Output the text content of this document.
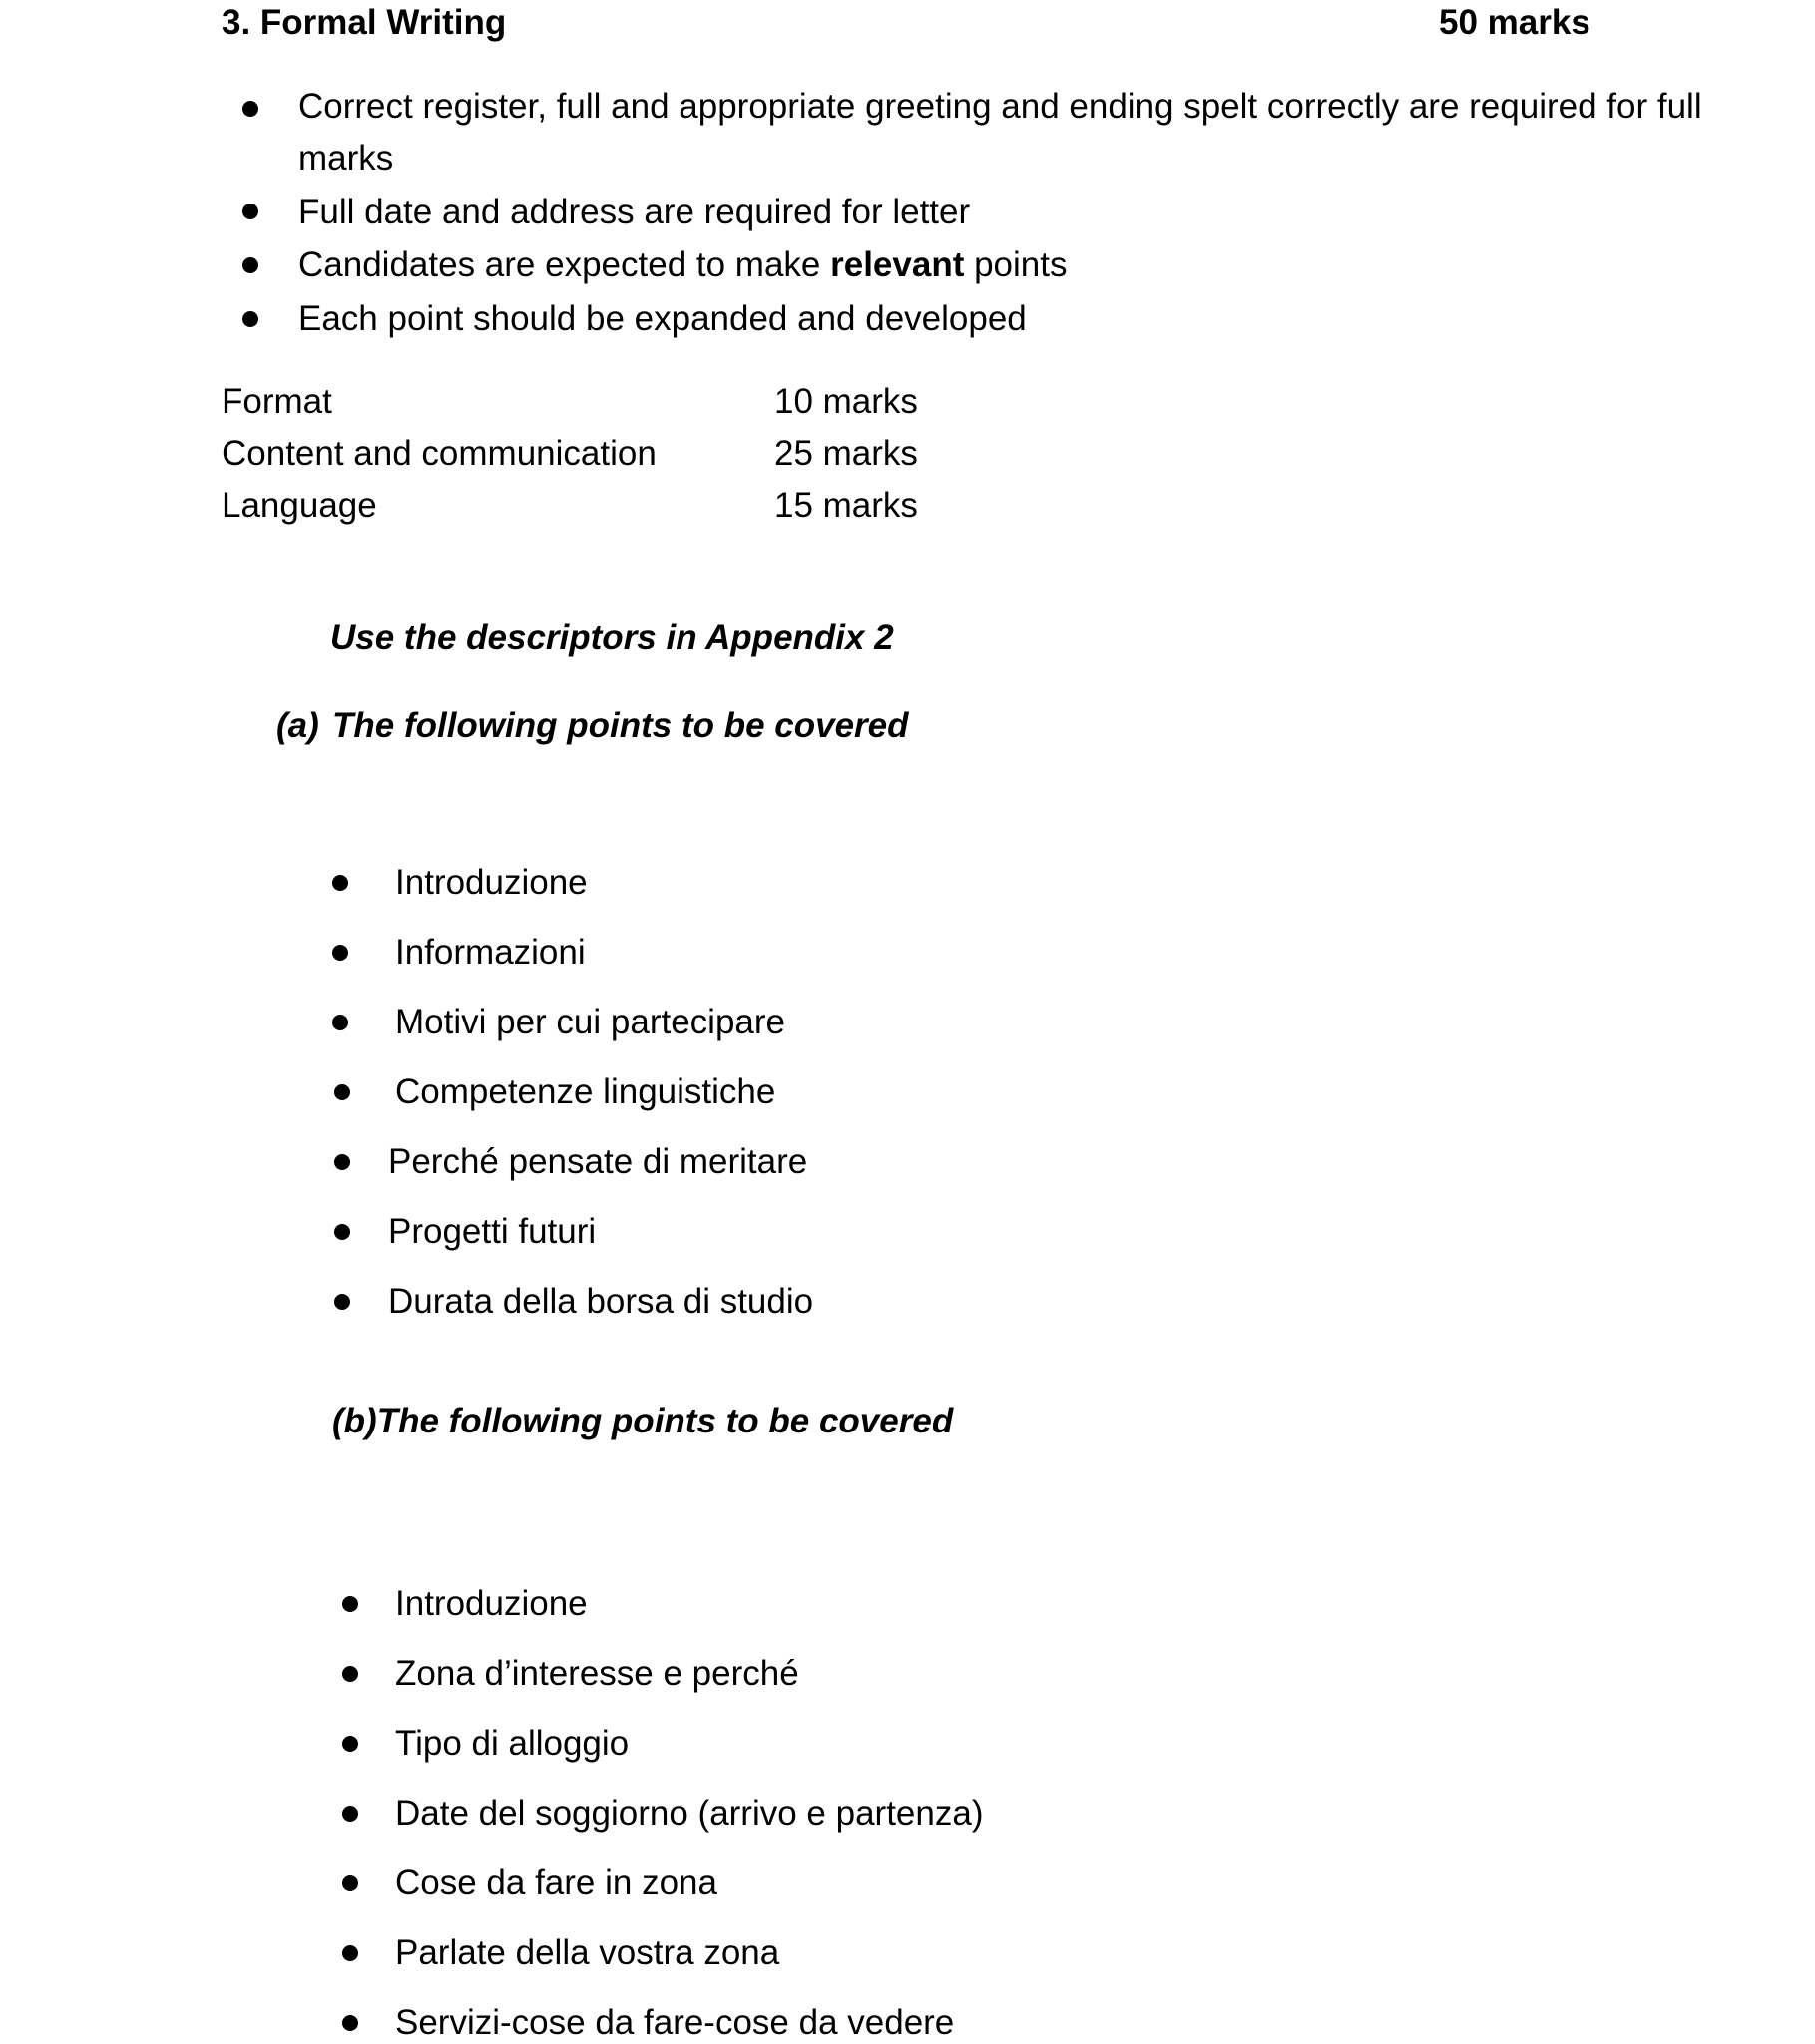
3. Formal Writing	50 marks
Correct register, full and appropriate greeting and ending spelt correctly are required for full
marks
Full date and address are required for letter
Candidates are expected to make relevant points
Each point should be expanded and developed
Format	10 marks
Content and communication	25 marks
Language	15 marks
Use the descriptors in Appendix 2
(a) The following points to be covered
Introduzione
Informazioni
Motivi per cui partecipare
Competenze linguistiche
Perché pensate di meritare
Progetti futuri
Durata della borsa di studio
(b)The following points to be covered
Introduzione
Zona d’interesse e perché
Tipo di alloggio
Date del soggiorno (arrivo e partenza)
Cose da fare in zona
Parlate della vostra zona
Servizi-cose da fare-cose da vedere
